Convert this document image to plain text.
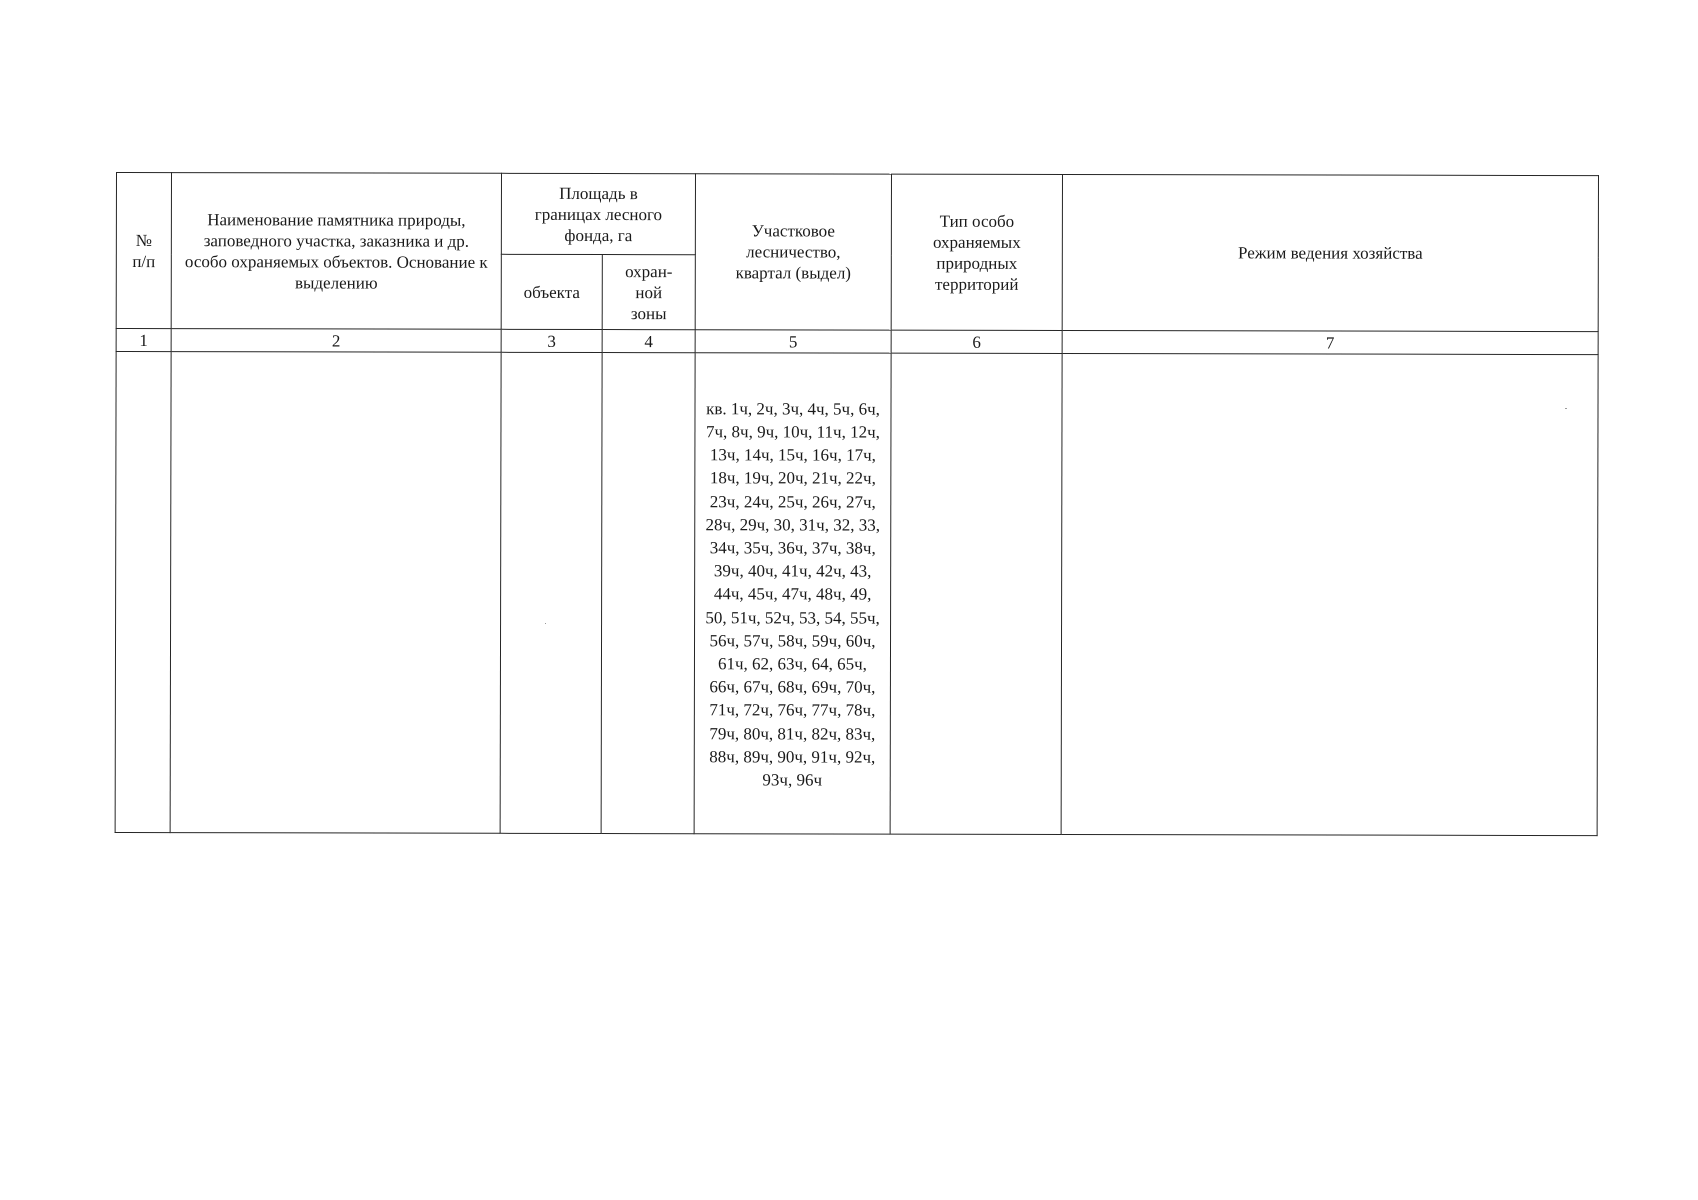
№ п/п	Наименование памятника природы, заповедного участка, заказника и др. особо охраняемых объектов. Основание к выделению	Площадь в границах лесного фонда, га		Участковое лесничество, квартал (выдел)	Тип особо охраняемых природных территорий	Режим ведения хозяйства

		объекта	охран-ной зоны			

1	2	3	4	5	6	7

				кв. 1ч, 2ч, 3ч, 4ч, 5ч, 6ч, 7ч, 8ч, 9ч, 10ч, 11ч, 12ч, 13ч, 14ч, 15ч, 16ч, 17ч, 18ч, 19ч, 20ч, 21ч, 22ч, 23ч, 24ч, 25ч, 26ч, 27ч, 28ч, 29ч, 30, 31ч, 32, 33, 34ч, 35ч, 36ч, 37ч, 38ч, 39ч, 40ч, 41ч, 42ч, 43, 44ч, 45ч, 47ч, 48ч, 49, 50, 51ч, 52ч, 53, 54, 55ч, 56ч, 57ч, 58ч, 59ч, 60ч, 61ч, 62, 63ч, 64, 65ч, 66ч, 67ч, 68ч, 69ч, 70ч, 71ч, 72ч, 76ч, 77ч, 78ч, 79ч, 80ч, 81ч, 82ч, 83ч, 88ч, 89ч, 90ч, 91ч, 92ч, 93ч, 96ч		
